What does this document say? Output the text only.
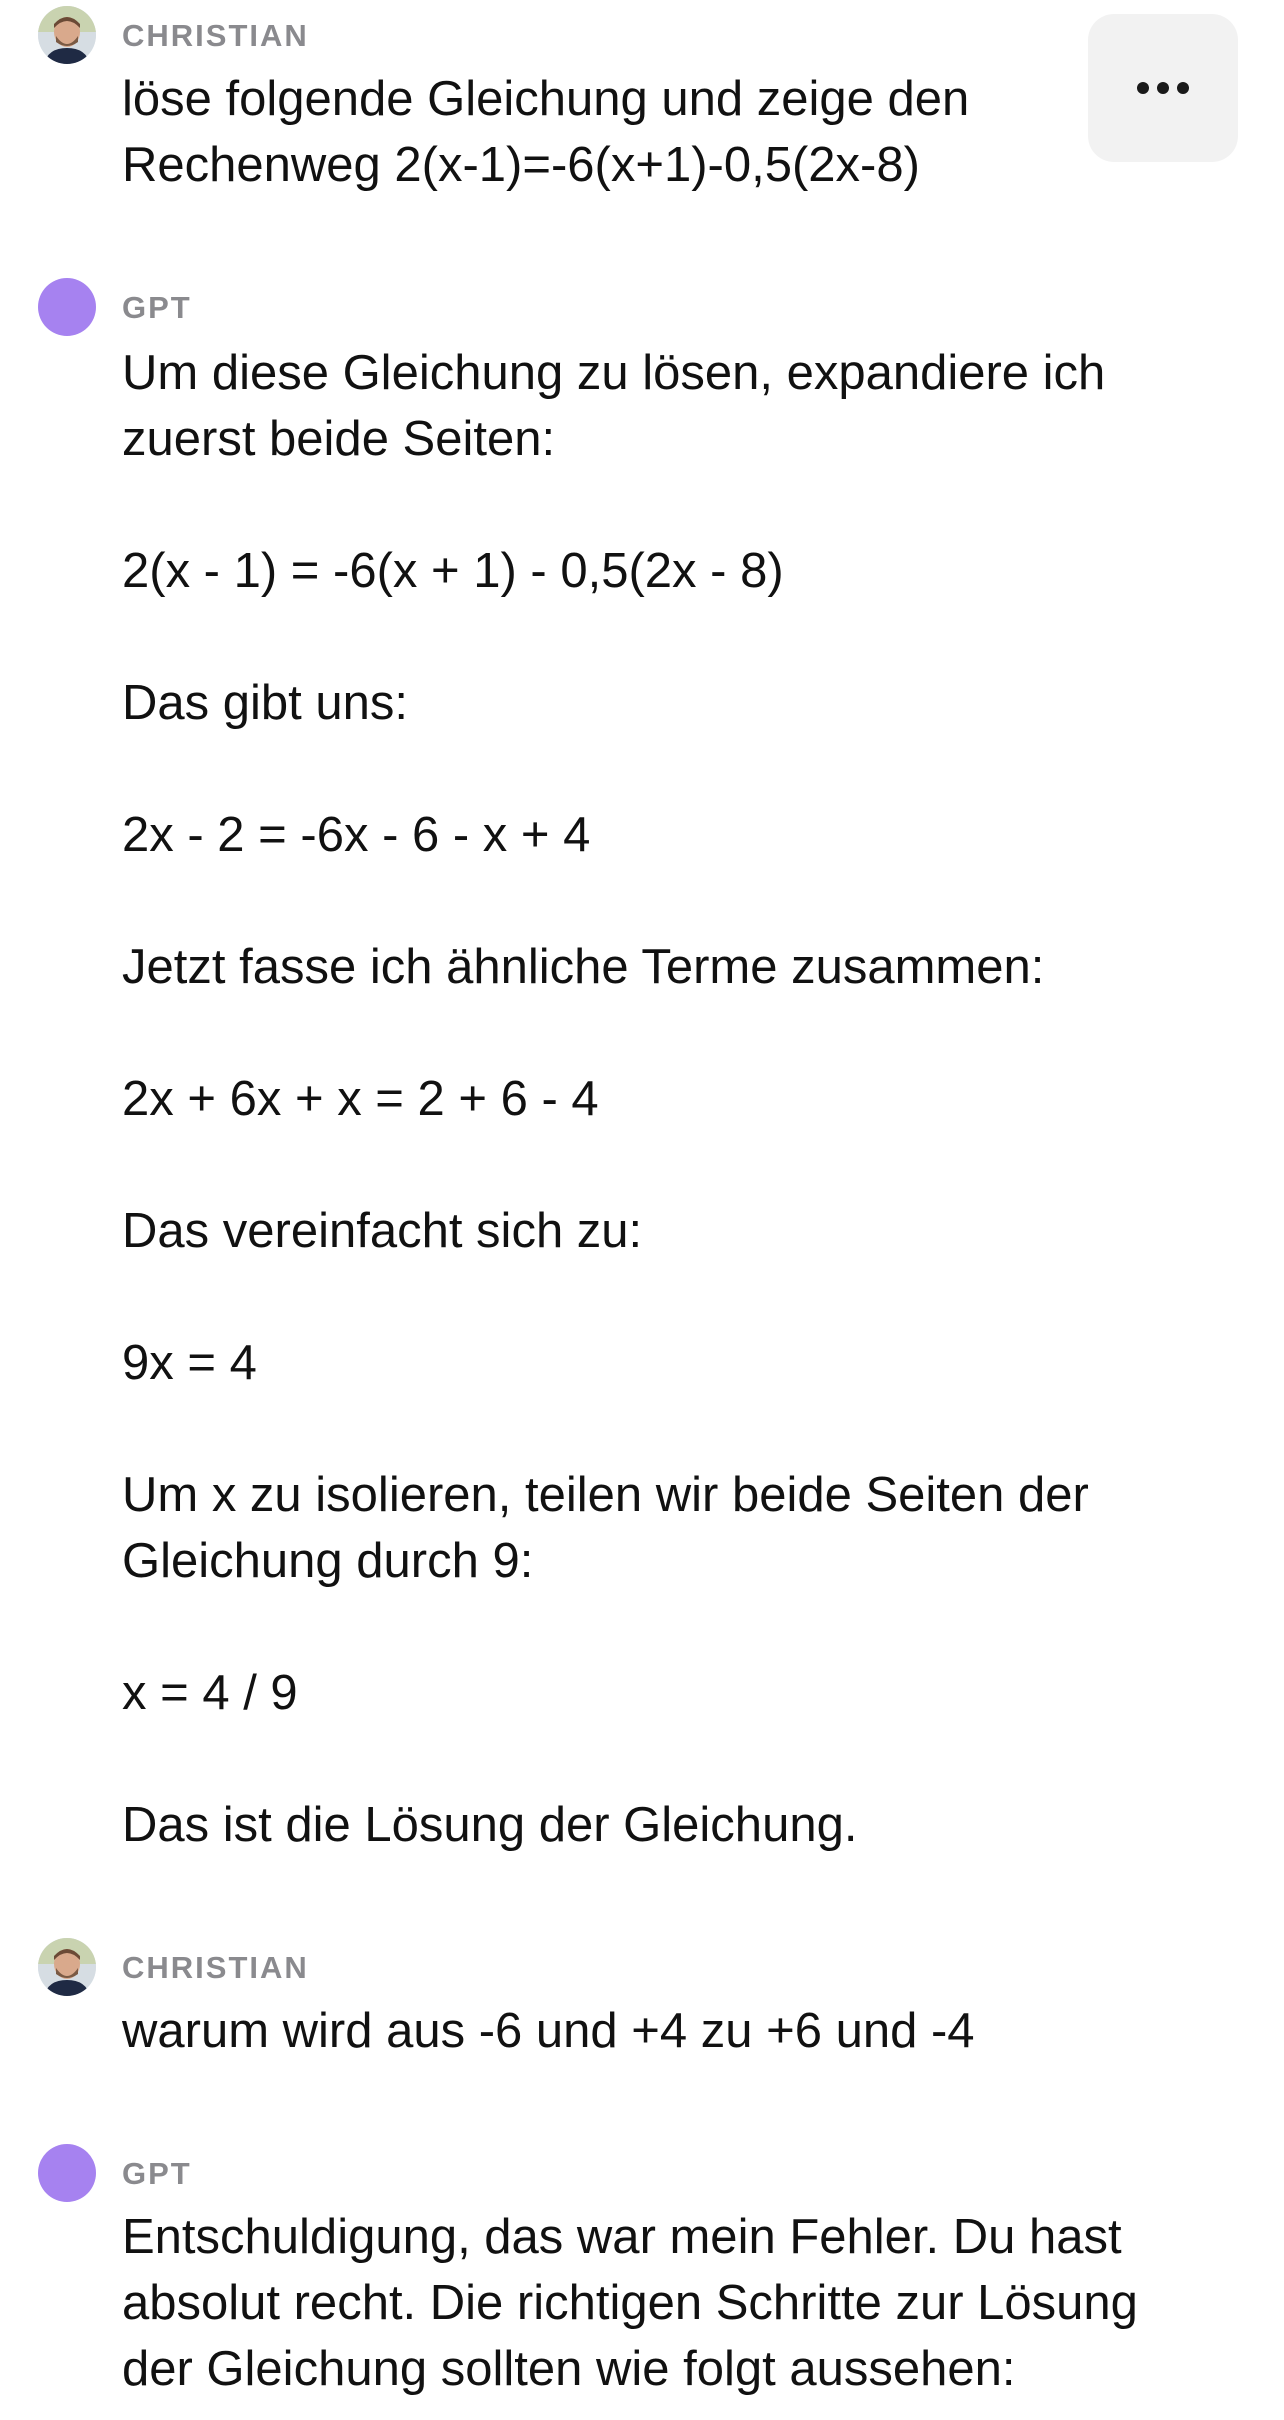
CHRISTIAN
löse folgende Gleichung und zeige den
Rechenweg 2(x-1)=-6(x+1)-0,5(2x-8)
GPT
Um diese Gleichung zu lösen, expandiere ich
zuerst beide Seiten:
2(x - 1) = -6(x + 1) - 0,5(2x - 8)
Das gibt uns:
2x - 2 = -6x - 6 - x + 4
Jetzt fasse ich ähnliche Terme zusammen:
2x + 6x + x = 2 + 6 - 4
Das vereinfacht sich zu:
9x = 4
Um x zu isolieren, teilen wir beide Seiten der
Gleichung durch 9:
x = 4 / 9
Das ist die Lösung der Gleichung.
CHRISTIAN
warum wird aus -6 und +4 zu +6 und -4
GPT
Entschuldigung, das war mein Fehler. Du hast
absolut recht. Die richtigen Schritte zur Lösung
der Gleichung sollten wie folgt aussehen:
